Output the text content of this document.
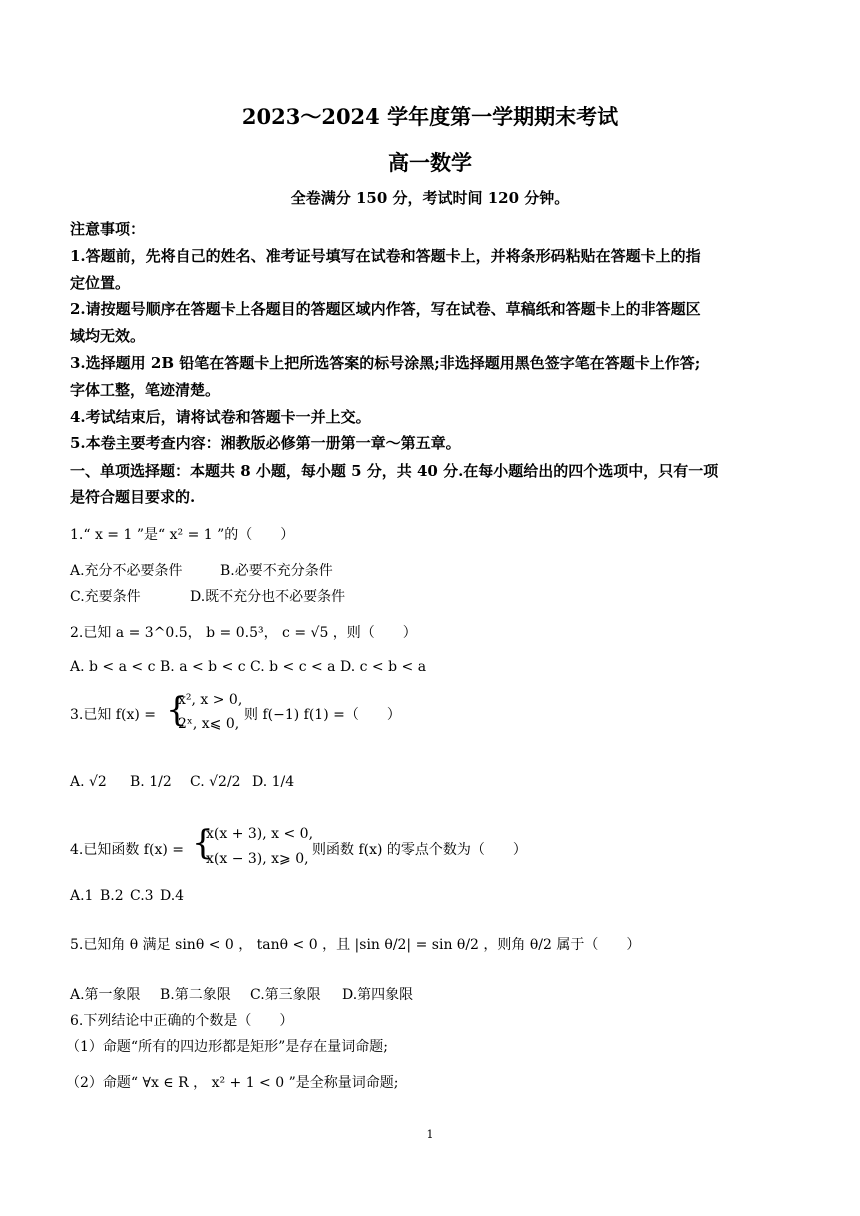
2023～2024 学年度第一学期期末考试
高一数学
全卷满分 150 分，考试时间 120 分钟。
注意事项：
1.答题前，先将自己的姓名、准考证号填写在试卷和答题卡上，并将条形码粘贴在答题卡上的指
定位置。
2.请按题号顺序在答题卡上各题目的答题区域内作答，写在试卷、草稿纸和答题卡上的非答题区
域均无效。
3.选择题用 2B 铅笔在答题卡上把所选答案的标号涂黑;非选择题用黑色签字笔在答题卡上作答;
字体工整，笔迹清楚。
4.考试结束后，请将试卷和答题卡一并上交。
5.本卷主要考查内容：湘教版必修第一册第一章～第五章。
一、单项选择题：本题共 8 小题，每小题 5 分，共 40 分.在每小题给出的四个选项中，只有一项
是符合题目要求的.
1.“ x = 1 ”是“ x² = 1 ”的（　　）
A.充分不必要条件	B.必要不充分条件
C.充要条件	D.既不充分也不必要条件
2.已知 a = 3^0.5， b = 0.5³， c = √5 ，则（　　）
A. b < a < c B. a < b < c C. b < c < a D. c < b < a
3.已知 f(x) = {
x², x > 0,
2ˣ, x⩽ 0,
则 f(−1) f(1) =（　　）
A. √2 B. 1/2 C. √2/2 D. 1/4
4.已知函数 f(x) = {
x(x + 3), x < 0,
x(x − 3), x⩾ 0,
则函数 f(x) 的零点个数为（　　）
A.1 B.2 C.3 D.4
5.已知角 θ 满足 sinθ < 0 ， tanθ < 0 ，且 |sin θ/2| = sin θ/2 ，则角 θ/2 属于（　　）
A.第一象限 B.第二象限 C.第三象限 D.第四象限
6.下列结论中正确的个数是（　　）
（1）命题“所有的四边形都是矩形”是存在量词命题;
（2）命题“ ∀x ∈ R ， x² + 1 < 0 ”是全称量词命题;
1
